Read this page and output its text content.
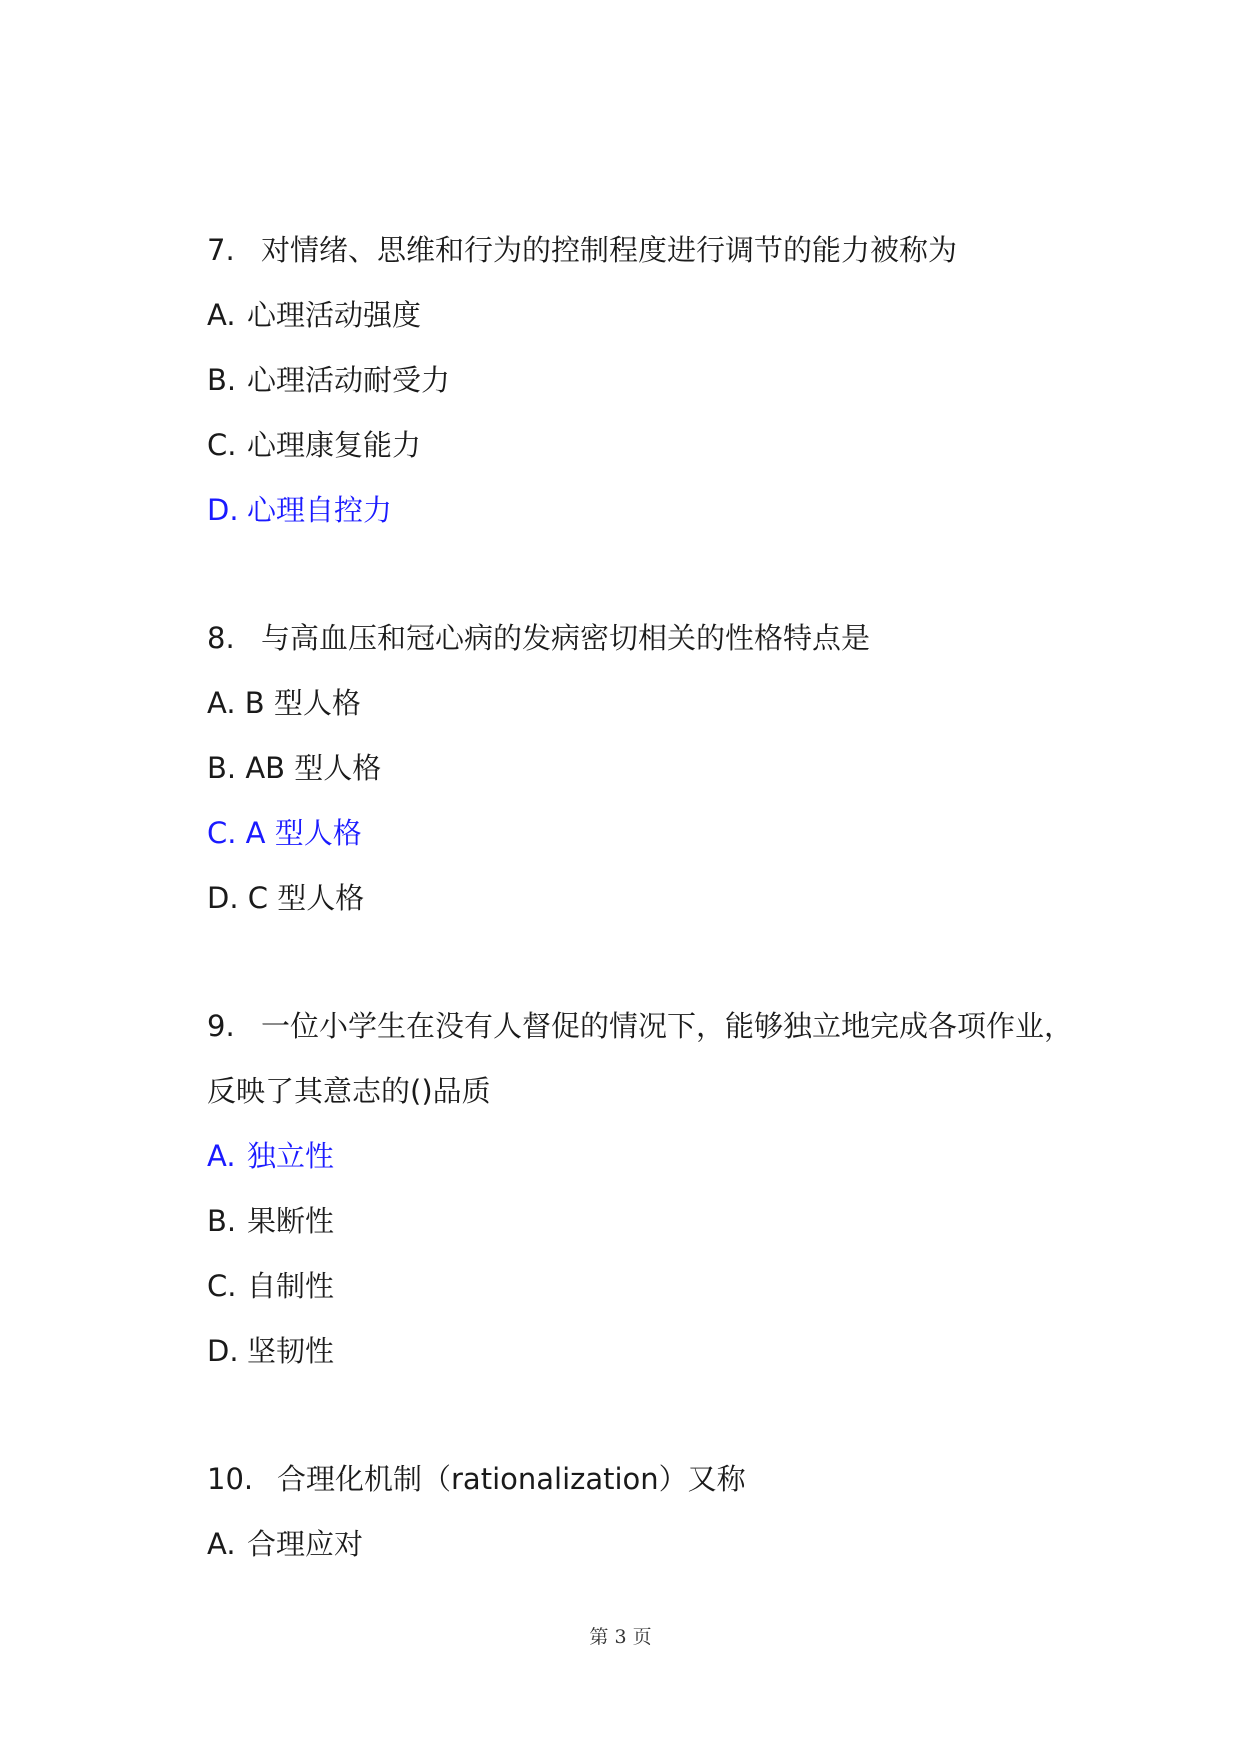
7. 对情绪、思维和行为的控制程度进行调节的能力被称为
A. 心理活动强度
B. 心理活动耐受力
C. 心理康复能力
D. 心理自控力
8. 与高血压和冠心病的发病密切相关的性格特点是
A. B 型人格
B. AB 型人格
C. A 型人格
D. C 型人格
9. 一位小学生在没有人督促的情况下，能够独立地完成各项作业，
反映了其意志的()品质
A. 独立性
B. 果断性
C. 自制性
D. 坚韧性
10. 合理化机制（rationalization）又称
A. 合理应对
第 3 页
